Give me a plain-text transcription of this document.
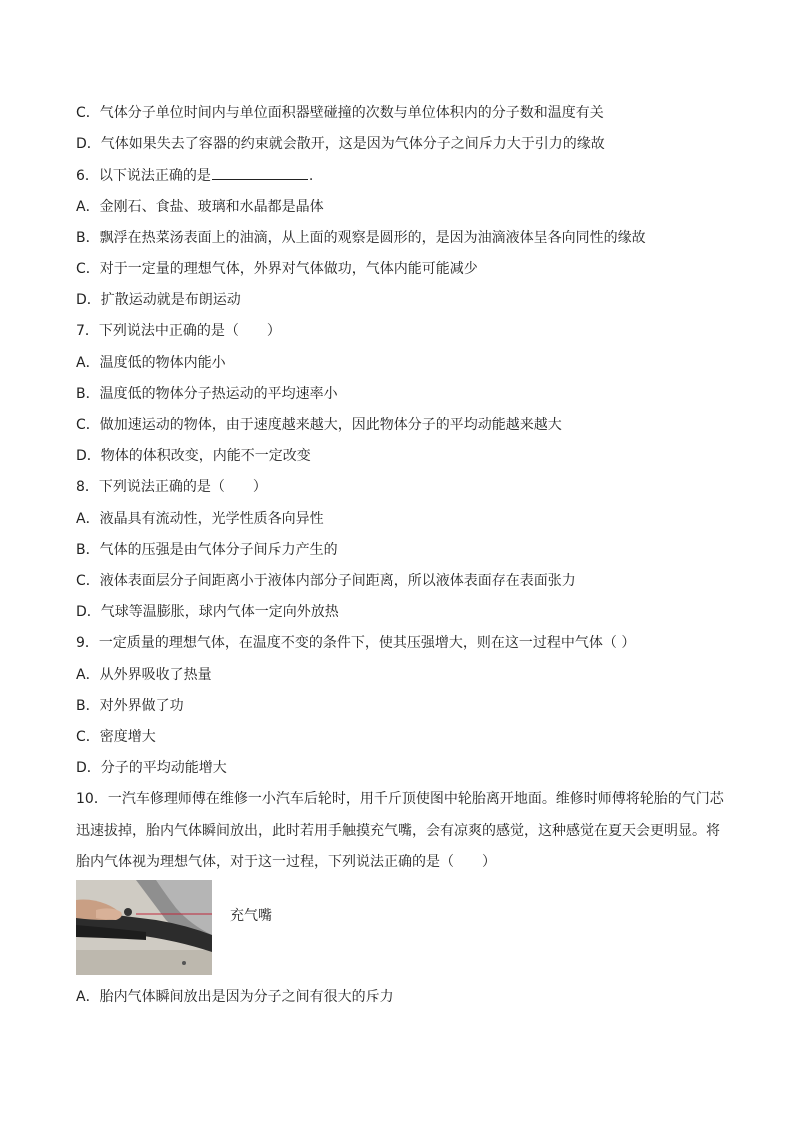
C．气体分子单位时间内与单位面积器壁碰撞的次数与单位体积内的分子数和温度有关
D．气体如果失去了容器的约束就会散开，这是因为气体分子之间斥力大于引力的缘故
6．以下说法正确的是	.
A．金刚石、食盐、玻璃和水晶都是晶体
B．飘浮在热菜汤表面上的油滴，从上面的观察是圆形的，是因为油滴液体呈各向同性的缘故
C．对于一定量的理想气体，外界对气体做功，气体内能可能减少
D．扩散运动就是布朗运动
7．下列说法中正确的是（　　）
A．温度低的物体内能小
B．温度低的物体分子热运动的平均速率小
C．做加速运动的物体，由于速度越来越大，因此物体分子的平均动能越来越大
D．物体的体积改变，内能不一定改变
8．下列说法正确的是（　　）
A．液晶具有流动性，光学性质各向异性
B．气体的压强是由气体分子间斥力产生的
C．液体表面层分子间距离小于液体内部分子间距离，所以液体表面存在表面张力
D．气球等温膨胀，球内气体一定向外放热
9．一定质量的理想气体，在温度不变的条件下，使其压强增大，则在这一过程中气体（ ）
A．从外界吸收了热量
B．对外界做了功
C．密度增大
D．分子的平均动能增大
10．一汽车修理师傅在维修一小汽车后轮时，用千斤顶使图中轮胎离开地面。维修时师傅将轮胎的气门芯
迅速拔掉，胎内气体瞬间放出，此时若用手触摸充气嘴，会有凉爽的感觉，这种感觉在夏天会更明显。将
胎内气体视为理想气体，对于这一过程，下列说法正确的是（　　）
充气嘴
A．胎内气体瞬间放出是因为分子之间有很大的斥力
